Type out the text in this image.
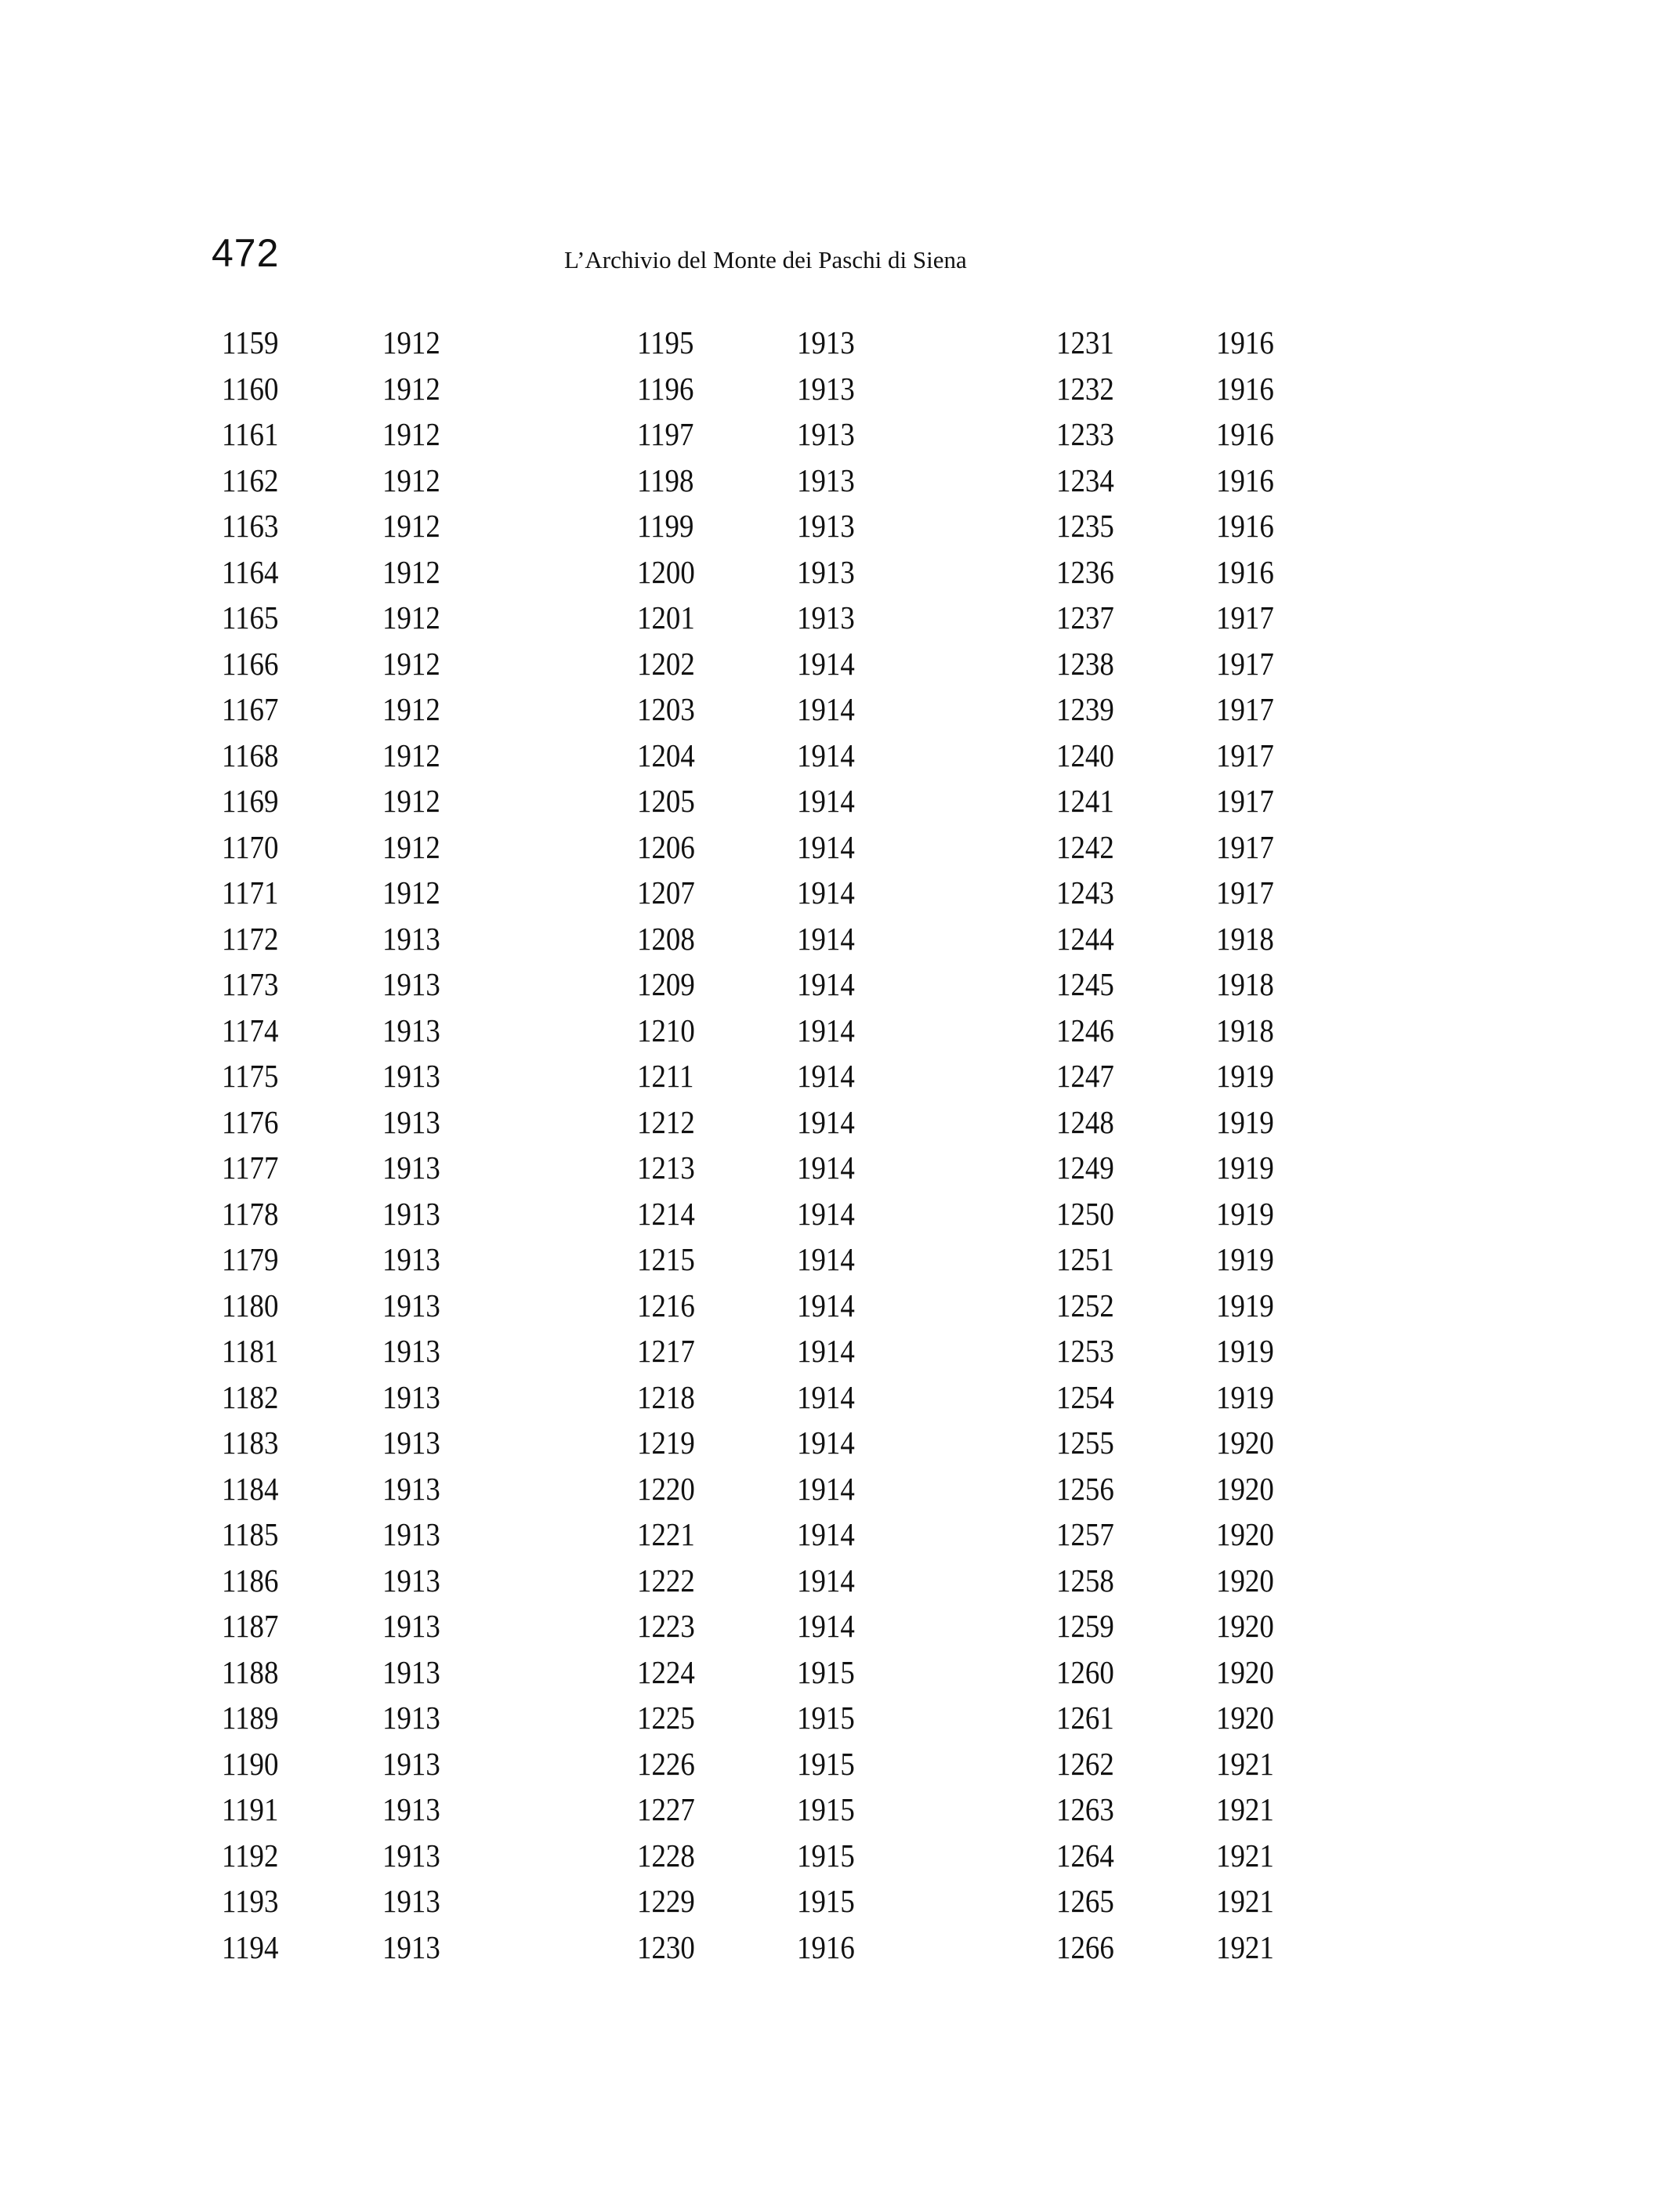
472	L’Archivio del Monte dei Paschi di Siena
1159	1912	1195	1913	1231	1916
1160	1912	1196	1913	1232	1916
1161	1912	1197	1913	1233	1916
1162	1912	1198	1913	1234	1916
1163	1912	1199	1913	1235	1916
1164	1912	1200	1913	1236	1916
1165	1912	1201	1913	1237	1917
1166	1912	1202	1914	1238	1917
1167	1912	1203	1914	1239	1917
1168	1912	1204	1914	1240	1917
1169	1912	1205	1914	1241	1917
1170	1912	1206	1914	1242	1917
1171	1912	1207	1914	1243	1917
1172	1913	1208	1914	1244	1918
1173	1913	1209	1914	1245	1918
1174	1913	1210	1914	1246	1918
1175	1913	1211	1914	1247	1919
1176	1913	1212	1914	1248	1919
1177	1913	1213	1914	1249	1919
1178	1913	1214	1914	1250	1919
1179	1913	1215	1914	1251	1919
1180	1913	1216	1914	1252	1919
1181	1913	1217	1914	1253	1919
1182	1913	1218	1914	1254	1919
1183	1913	1219	1914	1255	1920
1184	1913	1220	1914	1256	1920
1185	1913	1221	1914	1257	1920
1186	1913	1222	1914	1258	1920
1187	1913	1223	1914	1259	1920
1188	1913	1224	1915	1260	1920
1189	1913	1225	1915	1261	1920
1190	1913	1226	1915	1262	1921
1191	1913	1227	1915	1263	1921
1192	1913	1228	1915	1264	1921
1193	1913	1229	1915	1265	1921
1194	1913	1230	1916	1266	1921
